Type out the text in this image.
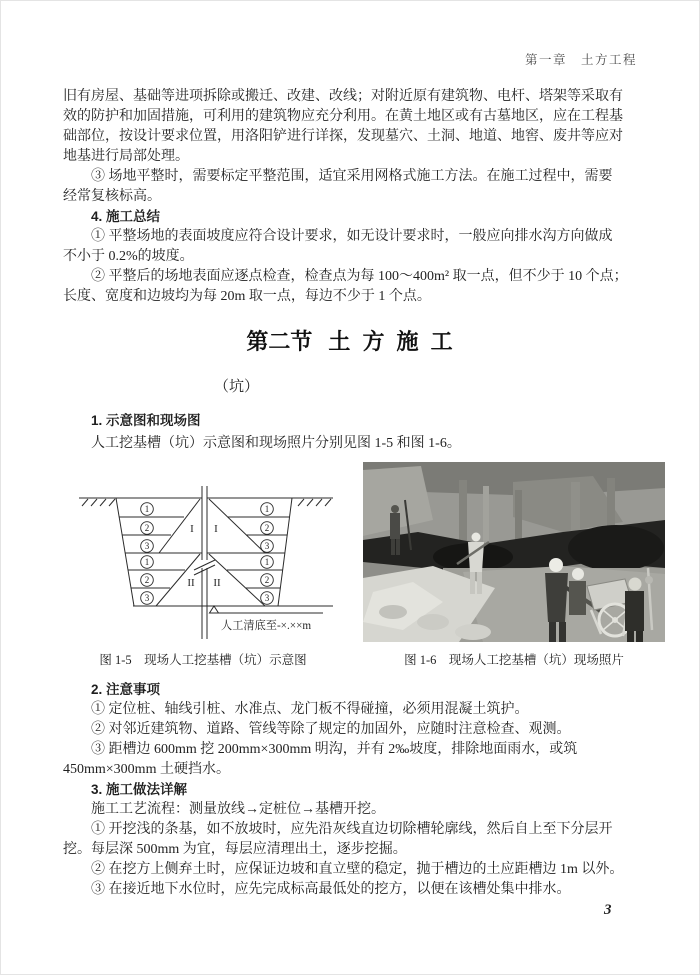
第一章　土方工程
旧有房屋、基础等进项拆除或搬迁、改建、改线；对附近原有建筑物、电杆、塔架等采取有
效的防护和加固措施，可利用的建筑物应充分利用。在黄土地区或有古墓地区，应在工程基
础部位，按设计要求位置，用洛阳铲进行详探，发现墓穴、土洞、地道、地窖、废井等应对
地基进行局部处理。
③ 场地平整时，需要标定平整范围，适宜采用网格式施工方法。在施工过程中，需要
经常复核标高。
4. 施工总结
① 平整场地的表面坡度应符合设计要求，如无设计要求时，一般应向排水沟方向做成
不小于 0.2%的坡度。
② 平整后的场地表面应逐点检查，检查点为每 100～400m² 取一点，但不少于 10 个点；
长度、宽度和边坡均为每 20m 取一点，每边不少于 1 个点。
第二节 土 方 施 工
（坑）
1. 示意图和现场图
人工挖基槽（坑）示意图和现场照片分别见图 1-5 和图 1-6。
1
2
3
1
2
3
1
2
3
1
2
3
I I
II II
人工清底至-×.××m
图 1-5　现场人工挖基槽（坑）示意图	图 1-6　现场人工挖基槽（坑）现场照片
2. 注意事项
① 定位桩、轴线引桩、水准点、龙门板不得碰撞，必须用混凝土筑护。
② 对邻近建筑物、道路、管线等除了规定的加固外，应随时注意检查、观测。
③ 距槽边 600mm 挖 200mm×300mm 明沟，并有 2‰坡度，排除地面雨水，或筑
450mm×300mm 土硬挡水。
3. 施工做法详解
施工工艺流程：测量放线→定桩位→基槽开挖。
① 开挖浅的条基，如不放坡时，应先沿灰线直边切除槽轮廓线，然后自上至下分层开
挖。每层深 500mm 为宜，每层应清理出土，逐步挖掘。
② 在挖方上侧弃土时，应保证边坡和直立壁的稳定，抛于槽边的土应距槽边 1m 以外。
③ 在接近地下水位时，应先完成标高最低处的挖方，以便在该槽处集中排水。
3
